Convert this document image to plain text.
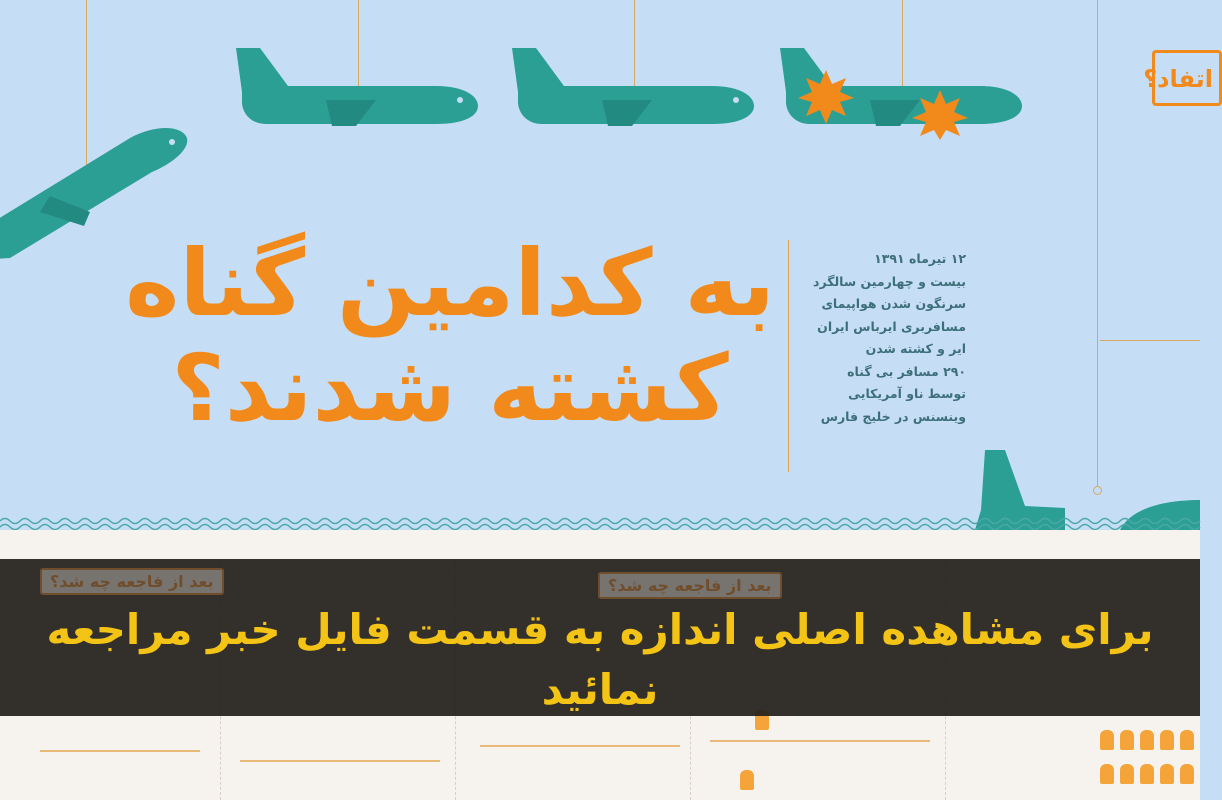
به کدامین گناه
کشته شدند؟
۱۲ تیرماه ۱۳۹۱
بیست و چهارمین سالگرد
سرنگون شدن هواپیمای
مسافربری ایرباس ایران
ایر و کشته شدن
۲۹۰ مسافر بی گناه
توسط ناو آمریکایی
وینسنس در خلیج فارس
اتفاد؟
بعد از فاجعه چه شد؟	بعد از فاجعه چه شد؟
برای مشاهده اصلی اندازه به قسمت فایل خبر مراجعه نمائید
